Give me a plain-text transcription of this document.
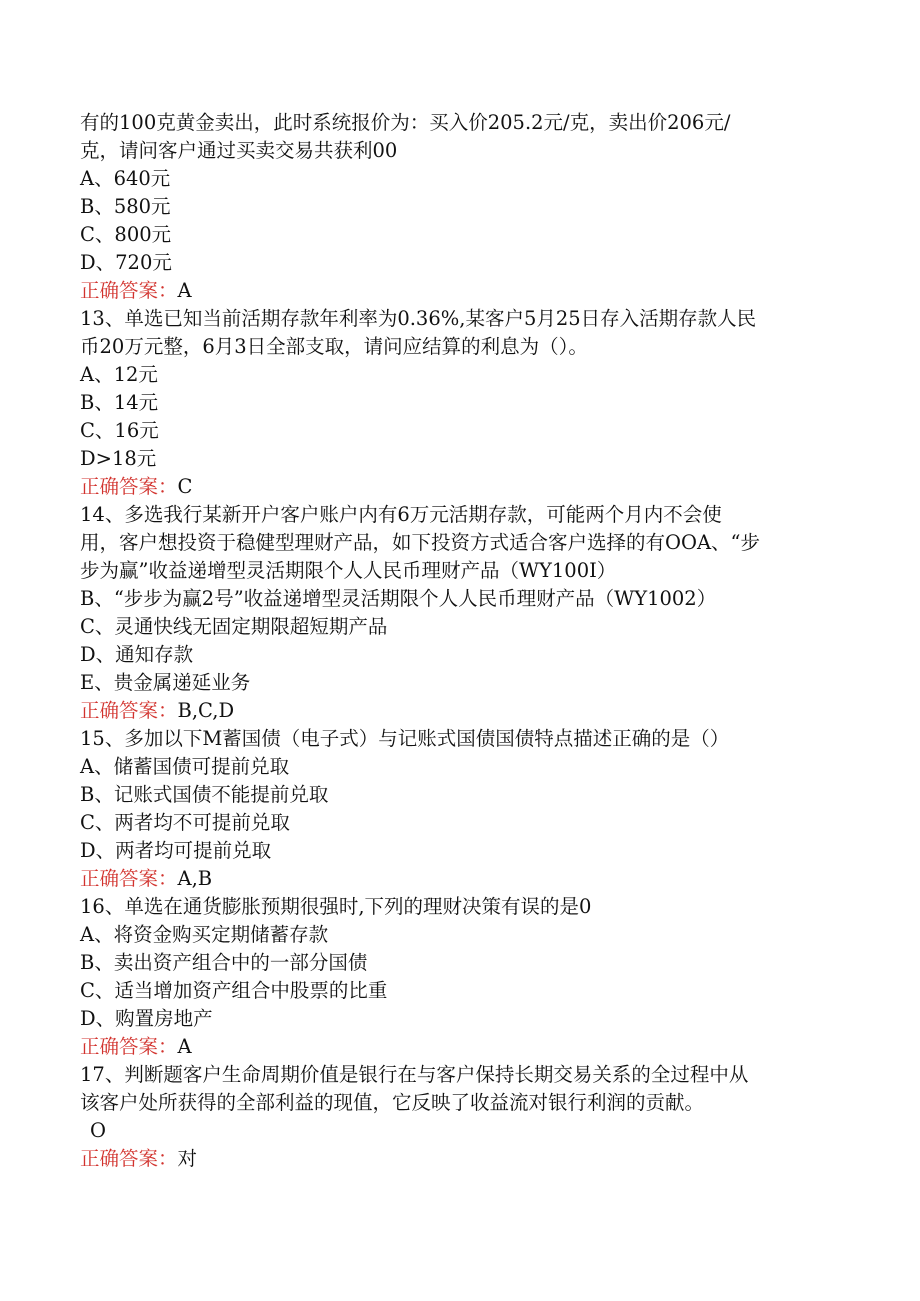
有的100克黄金卖出，此时系统报价为：买入价205.2元/克，卖出价206元/
克，请问客户通过买卖交易共获利00
A、640元
B、580元
C、800元
D、720元
正确答案：A
13、单选已知当前活期存款年利率为0.36%,某客户5月25日存入活期存款人民
币20万元整，6月3日全部支取，请问应结算的利息为（）。
A、12元
B、14元
C、16元
D>18元
正确答案：C
14、多选我行某新开户客户账户内有6万元活期存款，可能两个月内不会使
用，客户想投资于稳健型理财产品，如下投资方式适合客户选择的有OOA、“步
步为赢”收益递增型灵活期限个人人民币理财产品（WY100I）
B、“步步为赢2号”收益递增型灵活期限个人人民币理财产品（WY1002）
C、灵通快线无固定期限超短期产品
D、通知存款
E、贵金属递延业务
正确答案：B,C,D
15、多加以下M蓄国债（电子式）与记账式国债国债特点描述正确的是（）
A、储蓄国债可提前兑取
B、记账式国债不能提前兑取
C、两者均不可提前兑取
D、两者均可提前兑取
正确答案：A,B
16、单选在通货膨胀预期很强时,下列的理财决策有误的是0
A、将资金购买定期储蓄存款
B、卖出资产组合中的一部分国债
C、适当增加资产组合中股票的比重
D、购置房地产
正确答案：A
17、判断题客户生命周期价值是银行在与客户保持长期交易关系的全过程中从
该客户处所获得的全部利益的现值，它反映了收益流对银行利润的贡献。
O
正确答案：对
